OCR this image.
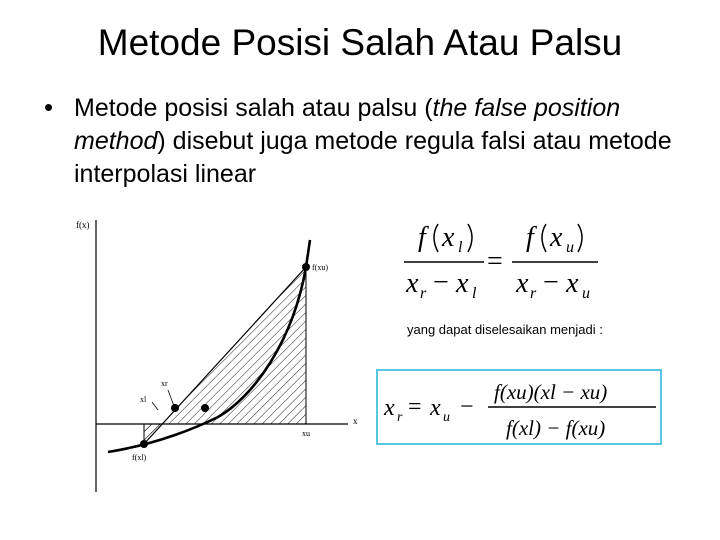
Metode Posisi Salah Atau Palsu
• Metode posisi salah atau palsu (the false position method) disebut juga metode regula falsi atau metode interpolasi linear
f(x)
x
f(xu)
f(xl)
xr
xl
xu
f x l
x r − x l
=
f x u
x r − x u
yang dapat diselesaikan menjadi :
x r = x u −
f(xu)(xl − xu)
f(xl) − f(xu)
